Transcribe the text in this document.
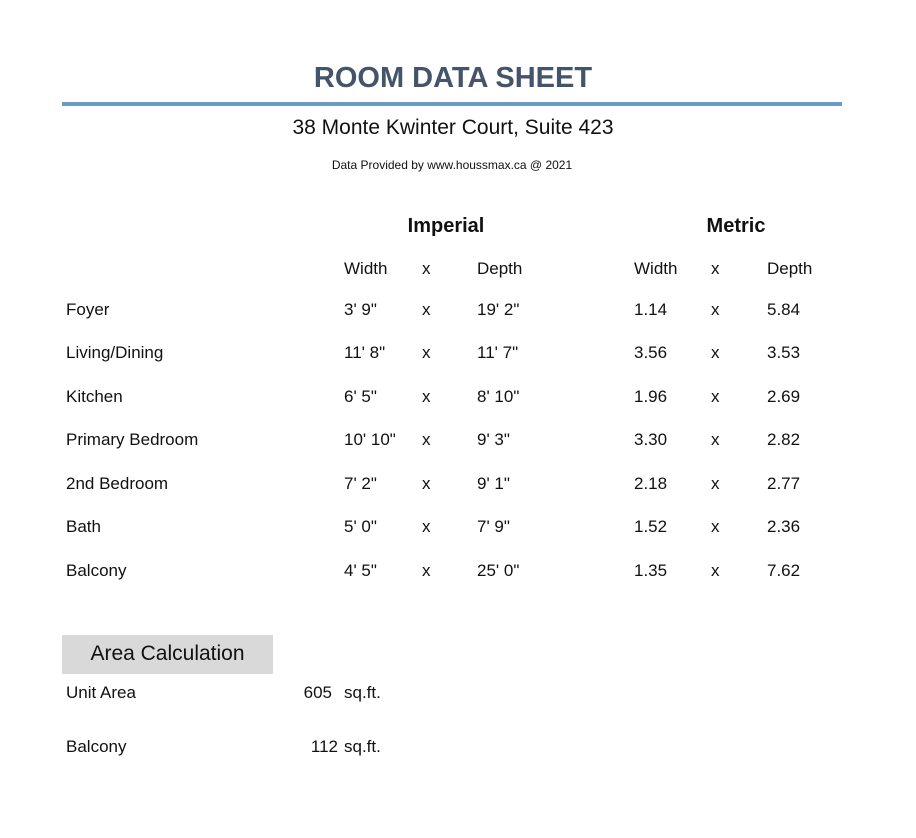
ROOM DATA SHEET
38 Monte Kwinter Court, Suite 423
Data Provided by www.houssmax.ca @ 2021
Imperial	Metric
Width x	Depth	Width x	Depth
Foyer	3' 9"	x	19' 2"	1.14	x	5.84
Living/Dining	11' 8" x	11' 7"	3.56	x	3.53
Kitchen	6' 5"	x	8' 10"	1.96	x	2.69
Primary Bedroom	10' 10" x	9' 3"	3.30	x	2.82
2nd Bedroom	7' 2"	x	9' 1"	2.18	x	2.77
Bath	5' 0"	x	7' 9"	1.52	x	2.36
Balcony	4' 5"	x	25' 0"	1.35	x	7.62
Area Calculation
Unit Area	605 sq.ft.
Balcony	112 sq.ft.
